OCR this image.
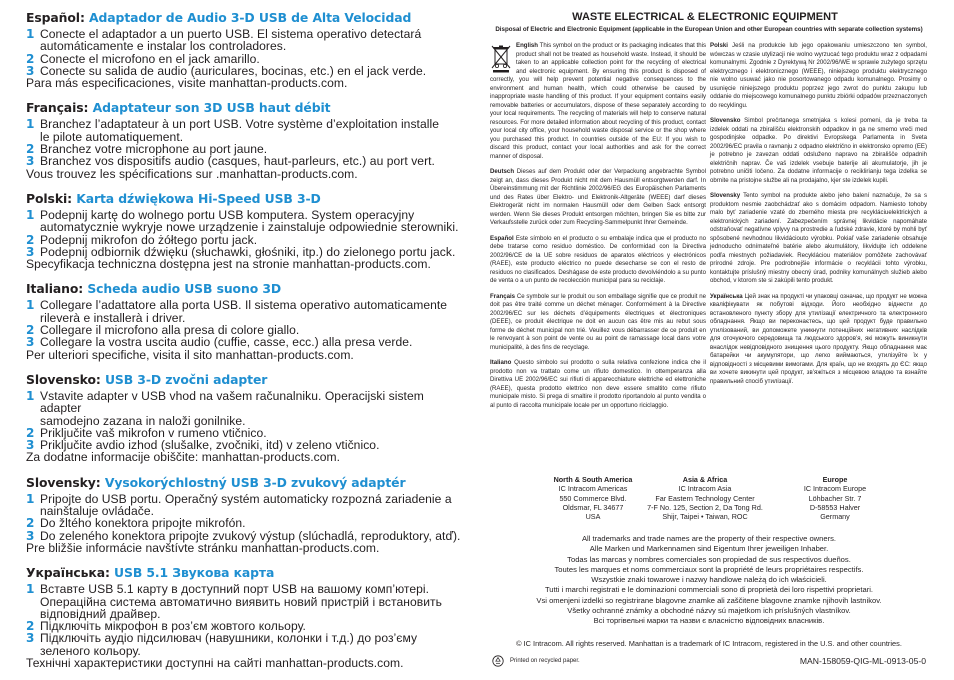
Español: Adaptador de Audio 3-D USB de Alta Velocidad
1 Conecte el adaptador a un puerto USB. El sistema operativo detectará
automáticamente e instalar los controladores.
2 Conecte el microfono en el jack amarillo.
3 Conecte su salida de audio (auriculares, bocinas, etc.) en el jack verde.
Para más especificaciones, visite manhattan-products.com.
Français: Adaptateur son 3D USB haut débit
1 Branchez l’adaptateur à un port USB. Votre système d’exploitation installe
le pilote automatiquement.
2 Branchez votre microphone au port jaune.
3 Branchez vos dispositifs audio (casques, haut-parleurs, etc.) au port vert.
Vous trouvez les spécifications sur .manhattan-products.com.
Polski: Karta dźwiękowa Hi-Speed USB 3-D
1 Podepnij kartę do wolnego portu USB komputera. System operacyjny
automatycznie wykryje nowe urządzenie i zainstaluje odpowiednie sterowniki.
2 Podepnij mikrofon do żółtego portu jack.
3 Podepnij odbiornik dźwięku (słuchawki, głośniki, itp.) do zielonego portu jack.
Specyfikacja techniczna dostępna jest na stronie manhattan-products.com.
Italiano: Scheda audio USB suono 3D
1 Collegare l’adattatore alla porta USB. Il sistema operativo automaticamente
rileverà e installerà i driver.
2 Collegare il microfono alla presa di colore giallo.
3 Collegare la vostra uscita audio (cuffie, casse, ecc.) alla presa verde.
Per ulteriori specifiche, visita il sito manhattan-products.com.
Slovensko: USB 3-D zvočni adapter
1 Vstavite adapter v USB vhod na vašem računalniku. Operacijski sistem adapter
samodejno zazana in naloži gonilnike.
2 Priključite vaš mikrofon v rumeno vtičnico.
3 Priključite avdio izhod (slušalke, zvočniki, itd) v zeleno vtičnico.
Za dodatne informacije obiščite: manhattan-products.com.
Slovensky: Vysokorýchlostný USB 3-D zvukový adaptér
1 Pripojte do USB portu. Operačný systém automaticky rozpozná zariadenie a
nainštaluje ovládače.
2 Do žltého konektora pripojte mikrofón.
3 Do zeleného konektora pripojte zvukový výstup (slúchadlá, reproduktory, atď).
Pre bližšie informácie navštívte stránku manhattan-products.com.
Українська: USB 5.1 Звукова карта
1 Вставте USB 5.1 карту в доступний порт USB на вашому комп’ютері.
Операційна система автоматично виявить новий пристрій і встановить
відповідний драйвер.
2 Підключіть мікрофон в роз’єм жовтого кольору.
3 Підключіть аудіо підсилювач (навушники, колонки і т.д.) до роз’єму
зеленого кольору.
Технічні характеристики доступні на сайті manhattan-products.com.
WASTE ELECTRICAL & ELECTRONIC EQUIPMENT
Disposal of Electric and Electronic Equipment (applicable in the European Union and other European countries with separate collection systems)
English This symbol on the product or its packaging indicates that this product shall not be treated as household waste. Instead, it should be taken to an applicable collection point for the recycling of electrical and electronic equipment. By ensuring this product is disposed of correctly, you will help prevent potential negative consequences to the environment and human health, which could otherwise be caused by inappropriate waste handling of this product. If your equipment contains easily removable batteries or accumulators, dispose of these separately according to your local requirements. The recycling of materials will help to conserve natural resources. For more detailed information about recycling of this product, contact your local city office, your household waste disposal service or the shop where you purchased this product. In countries outside of the EU: If you wish to discard this product, contact your local authorities and ask for the correct manner of disposal.
Deutsch Dieses auf dem Produkt oder der Verpackung angebrachte Symbol zeigt an, dass dieses Produkt nicht mit dem Hausmüll entsorgtwerden darf. In Übereinstimmung mit der Richtlinie 2002/96/EG des Europäischen Parlaments und des Rates über Elektro- und Elektronik-Altgeräte (WEEE) darf dieses Elektrogerät nicht im normalen Hausmüll oder dem Gelben Sack entsorgt werden. Wenn Sie dieses Produkt entsorgen möchten, bringen Sie es bitte zur Verkaufsstelle zurück oder zum Recycling-Sammelpunkt Ihrer Gemeinde.
Español Este símbolo en el producto o su embalaje indica que el producto no debe tratarse como residuo doméstico. De conformidad con la Directiva 2002/96/CE de la UE sobre residuos de aparatos eléctricos y electrónicos (RAEE), este producto eléctrico no puede desecharse se con el resto de residuos no clasificados. Deshágase de este producto devolviéndolo a su punto de venta o a un punto de recolección municipal para su reciclaje.
Français Ce symbole sur le produit ou son emballage signifie que ce produit ne doit pas être traité comme un déchet ménager. Conformément à la Directive 2002/96/EC sur les déchets d’équipements électriques et électroniques (DEEE), ce produit électrique ne doit en aucun cas être mis au rebut sous forme de déchet municipal non trié. Veuillez vous débarrasser de ce produit en le renvoyant à son point de vente ou au point de ramassage local dans votre municipalité, à des fins de recyclage.
Italiano Questo simbolo sui prodotto o sulla relativa confezione indica che il prodotto non va trattato come un rifiuto domestico. In ottemperanza alla Direttiva UE 2002/96/EC sui rifiuti di apparecchiature elettriche ed elettroniche (RAEE), questa prodotto elettrico non deve essere smaltito come rifiuto municipale misto. Si prega di smaltire il prodotto riportandolo al punto vendita o al punto di raccolta municipale locale per un opportuno riciclaggio.
Polski Jeśli na produkcie lub jego opakowaniu umieszczono ten symbol, wówczas w czasie utylizacji nie wolno wyrzucać tego produktu wraz z odpadami komunalnymi. Zgodnie z Dyrektywą Nr 2002/96/WE w sprawie zużytego sprzętu elektrycznego i elektronicznego (WEEE), niniejszego produktu elektrycznego nie wolno usuwać jako nie posortowanego odpadu komunalnego. Prosimy o usunięcie niniejszego produktu poprzez jego zwrot do punktu zakupu lub oddanie do miejscowego komunalnego punktu zbiórki odpadów przeznaczonych do recyklingu.
Slovensko Simbol prečrtanega smetnjaka s kolesi pomeni, da je treba ta izdelek oddati na zbirališču elektronskih odpadkov in ga ne smemo vreči med gospodinjske odpadke. Po direktivi Evropskega Parlamenta in Sveta 2002/96/EC pravila o ravnanju z odpadno električno in elektronsko opremo (EE) je potrebno je zavezan oddati odsluženo napravo na zbirališče odpadnih električnih naprav. Če vaš izdelek vsebuje baterije ali akumulatorje, jih je potrebno uničiti ločeno. Za dodatne informacije o reciklirianju tega izdelka se obrnite na pristojne službe ali na prodajalno, kjer ste izdelek kupili.
Slovensky Tento symbol na produkte alebo jeho balení naznačuje, že sa s produktom nesmie zaobchádzať ako s domácim odpadom. Namiesto tohoby malo byť zariadenie vzaté do zberného miesta pre recykláciuelektrických a elektronických zariadení. Zabezpečením správnej likvidácie napomáhate odstraňovať negatívne vplyvy na prostredie a ľudské zdravie, ktoré by mohli byť spôsobené nevhodnou likvidáciouto výrobku. Pokiaľ vaše zariadenie obsahuje jednoducho odnímateľné batérie alebo akumulátory, likvidujte ich oddelene podľa miestnych požiadaviek. Recykláciou materiálov pomôžete zachovávať prírodné zdroje. Pre podrobnejšie informácie o recyklácii tohto výrobku, kontaktujte príslušný miestny obecný úrad, podniky komunálnych služieb alebo obchod, v ktorom ste si zakúpili tento produkt.
Українська Цей знак на продукті чи упаковці означає, що продукт не можна кваліфікувати як побутові відходи. Його необхідно віднести до встановленого пункту збору для утилізації електричного та електронного обладнання. Якщо ви переконаєтесь, що цей продукт буде правильно утилізований, ви допоможете уникнути потенційних негативних наслідків для оточуючого середовища та людського здоров’я, які можуть виникнути внаслідок невідповідного знищення цього продукту. Якщо обладнання має батарейки чи акумулятори, що легко виймаються, утилізуйте їх у відповідності з місцевими вимогами. Для країн, що не входять до ЄС: якщо ви хочете викинути цей продукт, зв’яжіться з місцевою владою та взнайте правильний спосіб утилізації.
North & South America
IC Intracom Americas
550 Commerce Blvd.
Oldsmar, FL 34677
USA
Asia & Africa
IC Intracom Asia
Far Eastern Technology Center
7-F No. 125, Section 2, Da Tong Rd.
Shijr, Taipei • Taiwan, ROC
Europe
IC Intracom Europe
Löhbacher Str. 7
D-58553 Halver
Germany
All trademarks and trade names are the property of their respective owners.
Alle Marken und Markennamen sind Eigentum Ihrer jeweiligen Inhaber.
Todas las marcas y nombres comerciales son propiedad de sus respectivos dueños.
Toutes les marques et noms commerciaux sont la propriété de leurs propriétaires respectifs.
Wszystkie znaki towarowe i nazwy handlowe należą do ich właścicieli.
Tutti i marchi registrati e le dominazioni commerciali sono di proprietà dei loro rispettivi proprietari.
Vsi omenjeni izdelki so registrirane blagovne znamke ali zaščitene blagovne znamke njihovih lastnikov.
Všetky ochranné známky a obchodné názvy sú majetkom ich príslušných vlastníkov.
Всі торгівельні марки та назви є власністю відповідних власників.
© IC Intracom. All rights reserved. Manhattan is a trademark of IC Intracom, registered in the U.S. and other countries.
Printed on recycled paper.	MAN-158059-QIG-ML-0913-05-0
